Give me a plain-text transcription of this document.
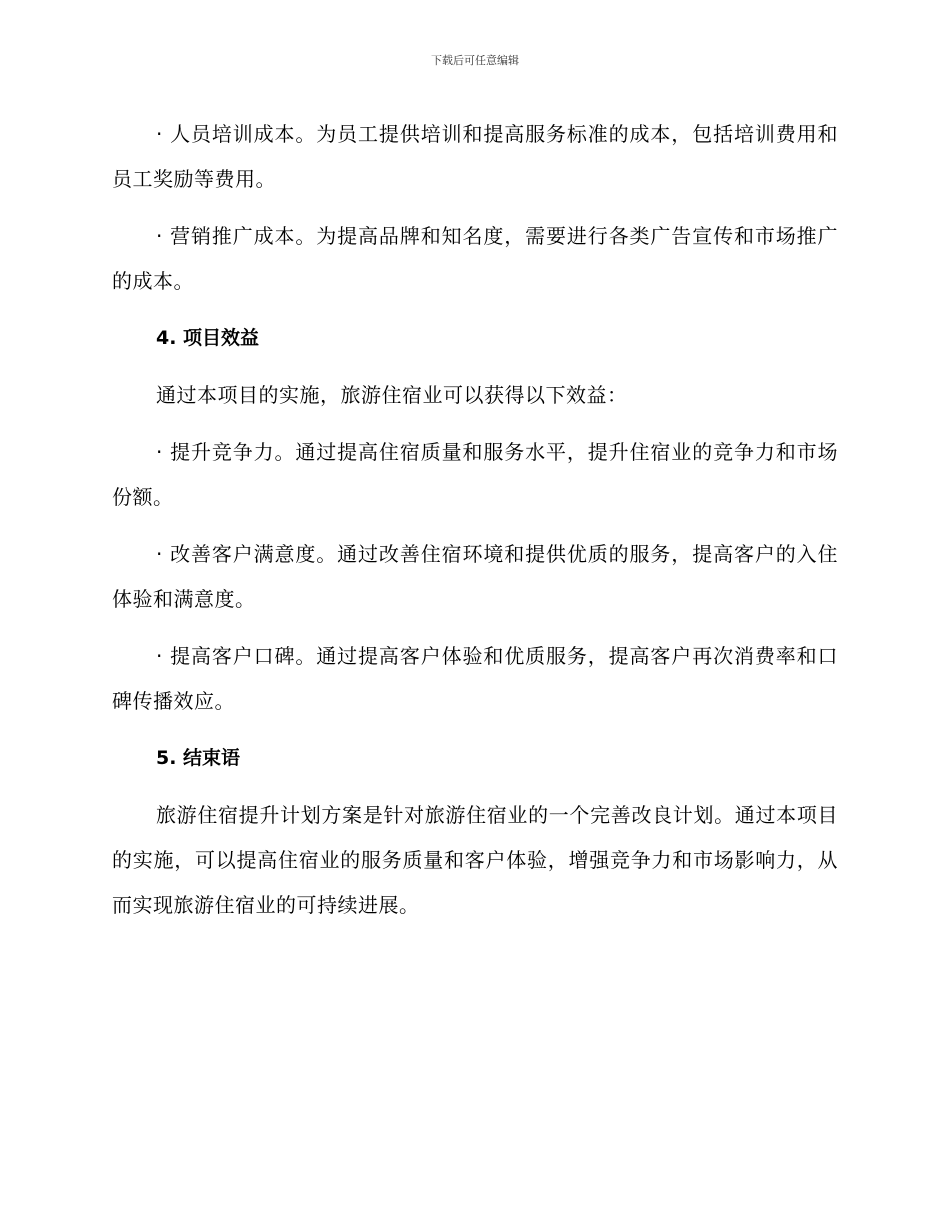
下载后可任意编辑

· 人员培训成本。为员工提供培训和提高服务标准的成本，包括培训费用和员工奖励等费用。

· 营销推广成本。为提高品牌和知名度，需要进行各类广告宣传和市场推广的成本。

4. 项目效益

通过本项目的实施，旅游住宿业可以获得以下效益：

· 提升竞争力。通过提高住宿质量和服务水平，提升住宿业的竞争力和市场份额。

· 改善客户满意度。通过改善住宿环境和提供优质的服务，提高客户的入住体验和满意度。

· 提高客户口碑。通过提高客户体验和优质服务，提高客户再次消费率和口碑传播效应。

5. 结束语

旅游住宿提升计划方案是针对旅游住宿业的一个完善改良计划。通过本项目的实施，可以提高住宿业的服务质量和客户体验，增强竞争力和市场影响力，从而实现旅游住宿业的可持续进展。
